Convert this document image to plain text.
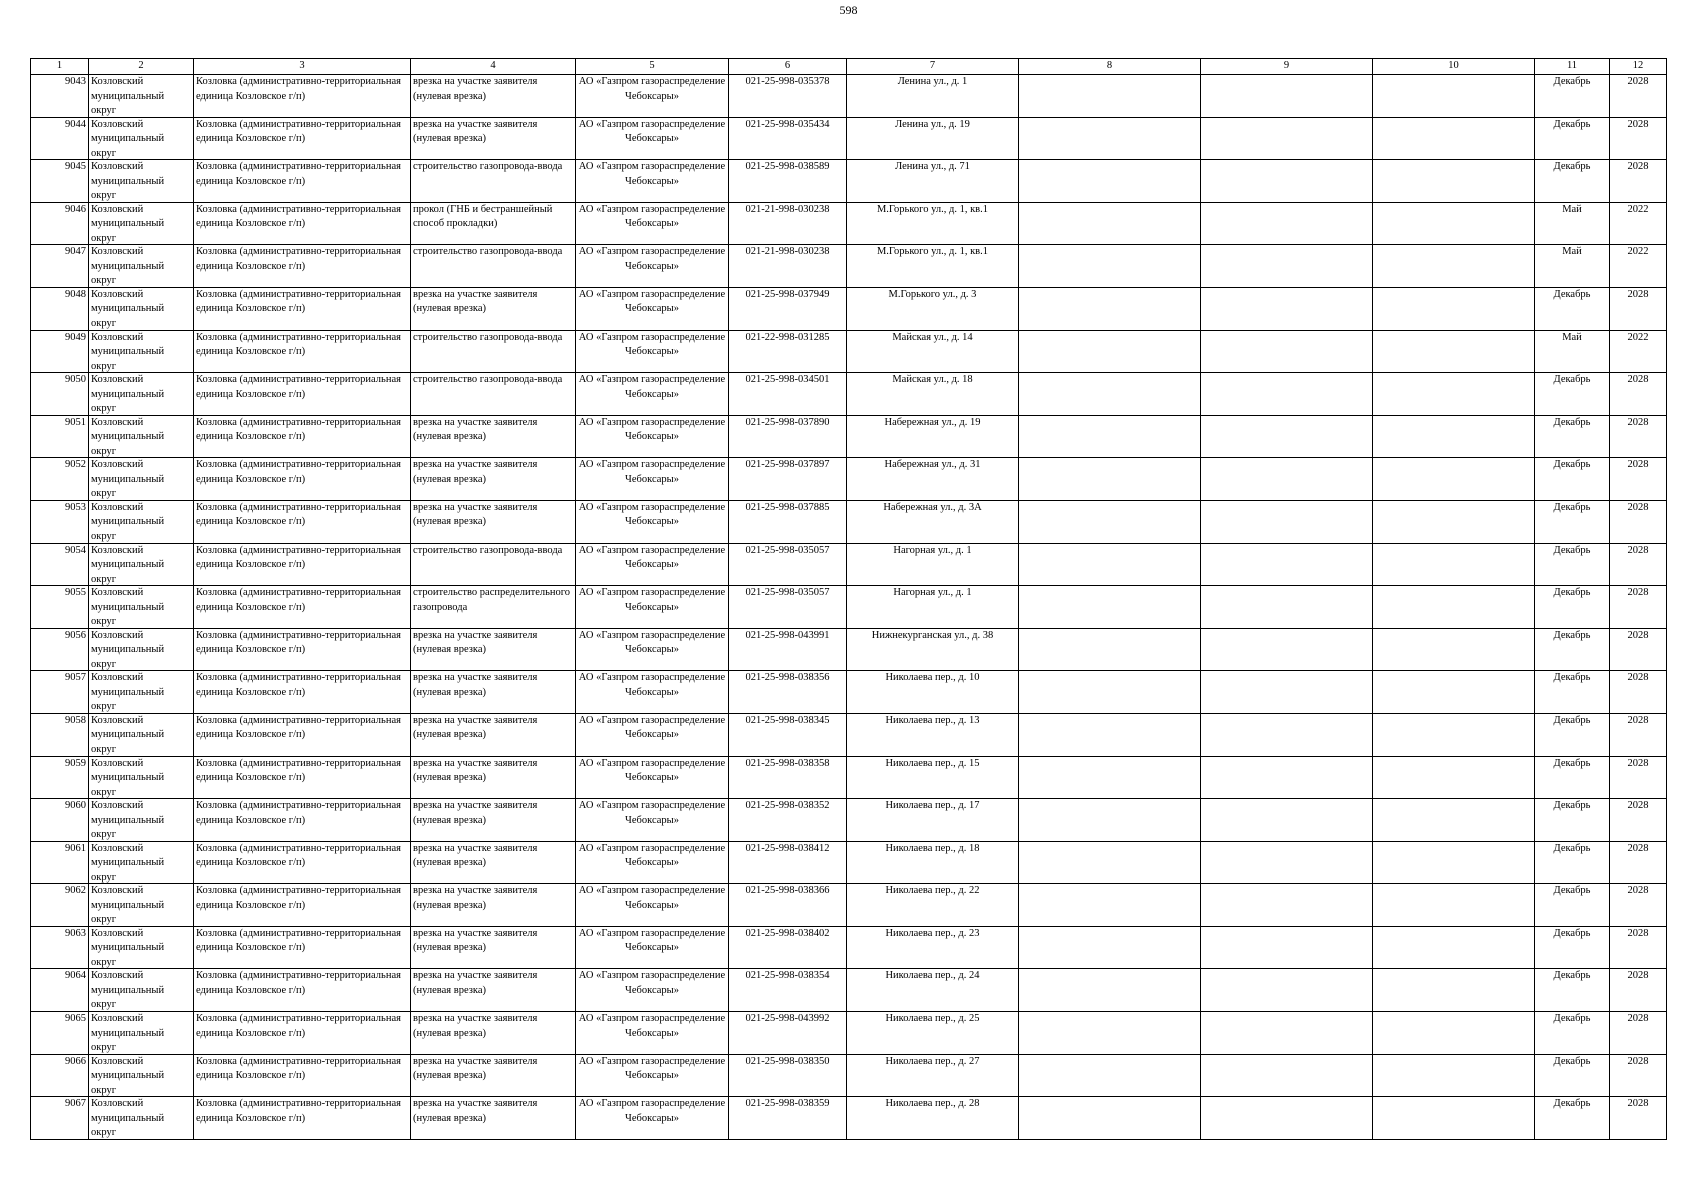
598
1	2	3	4	5	6	7	8	9	10	11	12

9043	Козловский муниципальный округ	Козловка (административно-территориальная единица Козловское г/п)	врезка на участке заявителя (нулевая врезка)	АО «Газпром газораспределение Чебоксары»	021-25-998-035378	Ленина ул., д. 1				Декабрь	2028

9044	Козловский муниципальный округ	Козловка (административно-территориальная единица Козловское г/п)	врезка на участке заявителя (нулевая врезка)	АО «Газпром газораспределение Чебоксары»	021-25-998-035434	Ленина ул., д. 19				Декабрь	2028

9045	Козловский муниципальный округ	Козловка (административно-территориальная единица Козловское г/п)	строительство газопровода-ввода	АО «Газпром газораспределение Чебоксары»	021-25-998-038589	Ленина ул., д. 71				Декабрь	2028

9046	Козловский муниципальный округ	Козловка (административно-территориальная единица Козловское г/п)	прокол (ГНБ и бестраншейный способ прокладки)	АО «Газпром газораспределение Чебоксары»	021-21-998-030238	М.Горького ул., д. 1, кв.1				Май	2022

9047	Козловский муниципальный округ	Козловка (административно-территориальная единица Козловское г/п)	строительство газопровода-ввода	АО «Газпром газораспределение Чебоксары»	021-21-998-030238	М.Горького ул., д. 1, кв.1				Май	2022

9048	Козловский муниципальный округ	Козловка (административно-территориальная единица Козловское г/п)	врезка на участке заявителя (нулевая врезка)	АО «Газпром газораспределение Чебоксары»	021-25-998-037949	М.Горького ул., д. 3				Декабрь	2028

9049	Козловский муниципальный округ	Козловка (административно-территориальная единица Козловское г/п)	строительство газопровода-ввода	АО «Газпром газораспределение Чебоксары»	021-22-998-031285	Майская ул., д. 14				Май	2022

9050	Козловский муниципальный округ	Козловка (административно-территориальная единица Козловское г/п)	строительство газопровода-ввода	АО «Газпром газораспределение Чебоксары»	021-25-998-034501	Майская ул., д. 18				Декабрь	2028

9051	Козловский муниципальный округ	Козловка (административно-территориальная единица Козловское г/п)	врезка на участке заявителя (нулевая врезка)	АО «Газпром газораспределение Чебоксары»	021-25-998-037890	Набережная ул., д. 19				Декабрь	2028

9052	Козловский муниципальный округ	Козловка (административно-территориальная единица Козловское г/п)	врезка на участке заявителя (нулевая врезка)	АО «Газпром газораспределение Чебоксары»	021-25-998-037897	Набережная ул., д. 31				Декабрь	2028

9053	Козловский муниципальный округ	Козловка (административно-территориальная единица Козловское г/п)	врезка на участке заявителя (нулевая врезка)	АО «Газпром газораспределение Чебоксары»	021-25-998-037885	Набережная ул., д. 3А				Декабрь	2028

9054	Козловский муниципальный округ	Козловка (административно-территориальная единица Козловское г/п)	строительство газопровода-ввода	АО «Газпром газораспределение Чебоксары»	021-25-998-035057	Нагорная ул., д. 1				Декабрь	2028

9055	Козловский муниципальный округ	Козловка (административно-территориальная единица Козловское г/п)	строительство распределительного газопровода	АО «Газпром газораспределение Чебоксары»	021-25-998-035057	Нагорная ул., д. 1				Декабрь	2028

9056	Козловский муниципальный округ	Козловка (административно-территориальная единица Козловское г/п)	врезка на участке заявителя (нулевая врезка)	АО «Газпром газораспределение Чебоксары»	021-25-998-043991	Нижнекурганская ул., д. 38				Декабрь	2028

9057	Козловский муниципальный округ	Козловка (административно-территориальная единица Козловское г/п)	врезка на участке заявителя (нулевая врезка)	АО «Газпром газораспределение Чебоксары»	021-25-998-038356	Николаева пер., д. 10				Декабрь	2028

9058	Козловский муниципальный округ	Козловка (административно-территориальная единица Козловское г/п)	врезка на участке заявителя (нулевая врезка)	АО «Газпром газораспределение Чебоксары»	021-25-998-038345	Николаева пер., д. 13				Декабрь	2028

9059	Козловский муниципальный округ	Козловка (административно-территориальная единица Козловское г/п)	врезка на участке заявителя (нулевая врезка)	АО «Газпром газораспределение Чебоксары»	021-25-998-038358	Николаева пер., д. 15				Декабрь	2028

9060	Козловский муниципальный округ	Козловка (административно-территориальная единица Козловское г/п)	врезка на участке заявителя (нулевая врезка)	АО «Газпром газораспределение Чебоксары»	021-25-998-038352	Николаева пер., д. 17				Декабрь	2028

9061	Козловский муниципальный округ	Козловка (административно-территориальная единица Козловское г/п)	врезка на участке заявителя (нулевая врезка)	АО «Газпром газораспределение Чебоксары»	021-25-998-038412	Николаева пер., д. 18				Декабрь	2028

9062	Козловский муниципальный округ	Козловка (административно-территориальная единица Козловское г/п)	врезка на участке заявителя (нулевая врезка)	АО «Газпром газораспределение Чебоксары»	021-25-998-038366	Николаева пер., д. 22				Декабрь	2028

9063	Козловский муниципальный округ	Козловка (административно-территориальная единица Козловское г/п)	врезка на участке заявителя (нулевая врезка)	АО «Газпром газораспределение Чебоксары»	021-25-998-038402	Николаева пер., д. 23				Декабрь	2028

9064	Козловский муниципальный округ	Козловка (административно-территориальная единица Козловское г/п)	врезка на участке заявителя (нулевая врезка)	АО «Газпром газораспределение Чебоксары»	021-25-998-038354	Николаева пер., д. 24				Декабрь	2028

9065	Козловский муниципальный округ	Козловка (административно-территориальная единица Козловское г/п)	врезка на участке заявителя (нулевая врезка)	АО «Газпром газораспределение Чебоксары»	021-25-998-043992	Николаева пер., д. 25				Декабрь	2028

9066	Козловский муниципальный округ	Козловка (административно-территориальная единица Козловское г/п)	врезка на участке заявителя (нулевая врезка)	АО «Газпром газораспределение Чебоксары»	021-25-998-038350	Николаева пер., д. 27				Декабрь	2028

9067	Козловский муниципальный округ	Козловка (административно-территориальная единица Козловское г/п)	врезка на участке заявителя (нулевая врезка)	АО «Газпром газораспределение Чебоксары»	021-25-998-038359	Николаева пер., д. 28				Декабрь	2028
